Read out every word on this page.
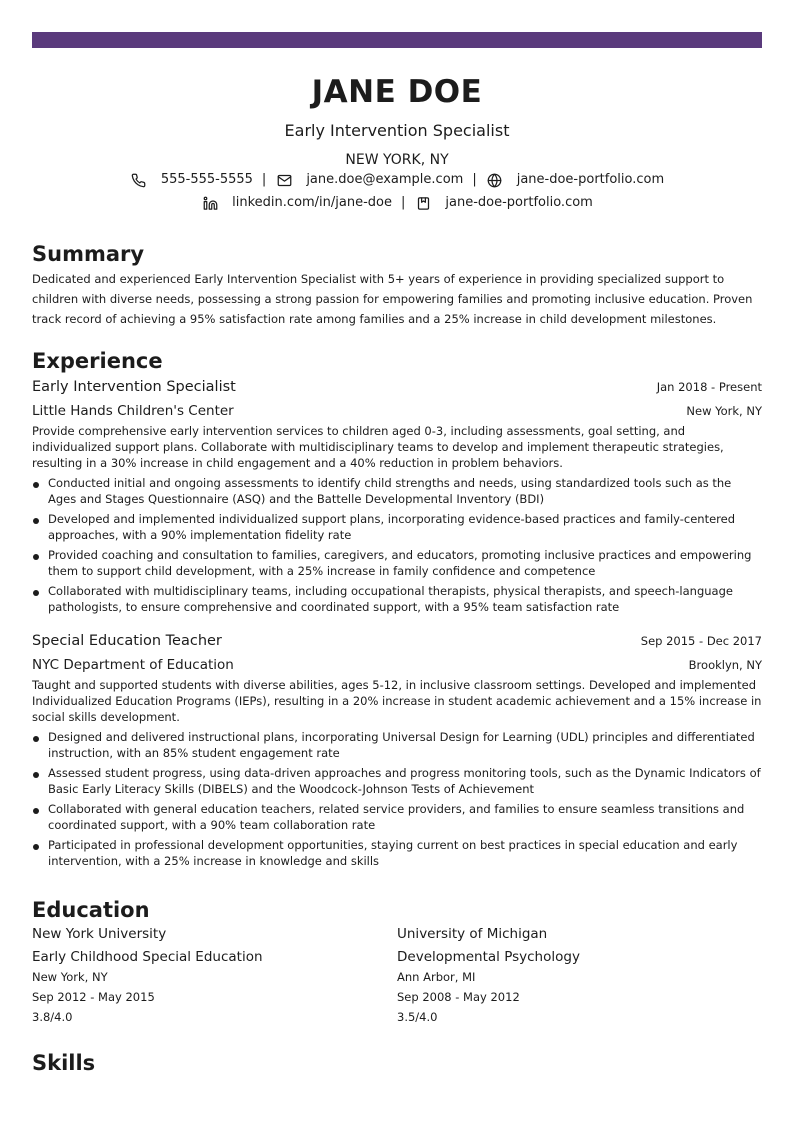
JANE DOE
Early Intervention Specialist
NEW YORK, NY
555-555-5555 |	jane.doe@example.com |	jane-doe-portfolio.com
linkedin.com/in/jane-doe |	jane-doe-portfolio.com
Summary

Dedicated and experienced Early Intervention Specialist with 5+ years of experience in providing specialized support to children with diverse needs, possessing a strong passion for empowering families and promoting inclusive education. Proven track record of achieving a 95% satisfaction rate among families and a 25% increase in child development milestones.

Experience
Early Intervention Specialist	Jan 2018 - Present
Little Hands Children's Center	New York, NY

Provide comprehensive early intervention services to children aged 0-3, including assessments, goal setting, and individualized support plans. Collaborate with multidisciplinary teams to develop and implement therapeutic strategies, resulting in a 30% increase in child engagement and a 40% reduction in problem behaviors.

Conducted initial and ongoing assessments to identify child strengths and needs, using standardized tools such as the Ages and Stages Questionnaire (ASQ) and the Battelle Developmental Inventory (BDI)
Developed and implemented individualized support plans, incorporating evidence-based practices and family-centered approaches, with a 90% implementation fidelity rate
Provided coaching and consultation to families, caregivers, and educators, promoting inclusive practices and empowering them to support child development, with a 25% increase in family confidence and competence
Collaborated with multidisciplinary teams, including occupational therapists, physical therapists, and speech-language pathologists, to ensure comprehensive and coordinated support, with a 95% team satisfaction rate
Special Education Teacher	Sep 2015 - Dec 2017
NYC Department of Education	Brooklyn, NY

Taught and supported students with diverse abilities, ages 5-12, in inclusive classroom settings. Developed and implemented Individualized Education Programs (IEPs), resulting in a 20% increase in student academic achievement and a 15% increase in social skills development.

Designed and delivered instructional plans, incorporating Universal Design for Learning (UDL) principles and differentiated instruction, with an 85% student engagement rate
Assessed student progress, using data-driven approaches and progress monitoring tools, such as the Dynamic Indicators of Basic Early Literacy Skills (DIBELS) and the Woodcock-Johnson Tests of Achievement
Collaborated with general education teachers, related service providers, and families to ensure seamless transitions and coordinated support, with a 90% team collaboration rate
Participated in professional development opportunities, staying current on best practices in special education and early intervention, with a 25% increase in knowledge and skills
Education
New York University
Early Childhood Special Education
New York, NY
Sep 2012 - May 2015
3.8/4.0
University of Michigan
Developmental Psychology
Ann Arbor, MI
Sep 2008 - May 2012
3.5/4.0
Skills
